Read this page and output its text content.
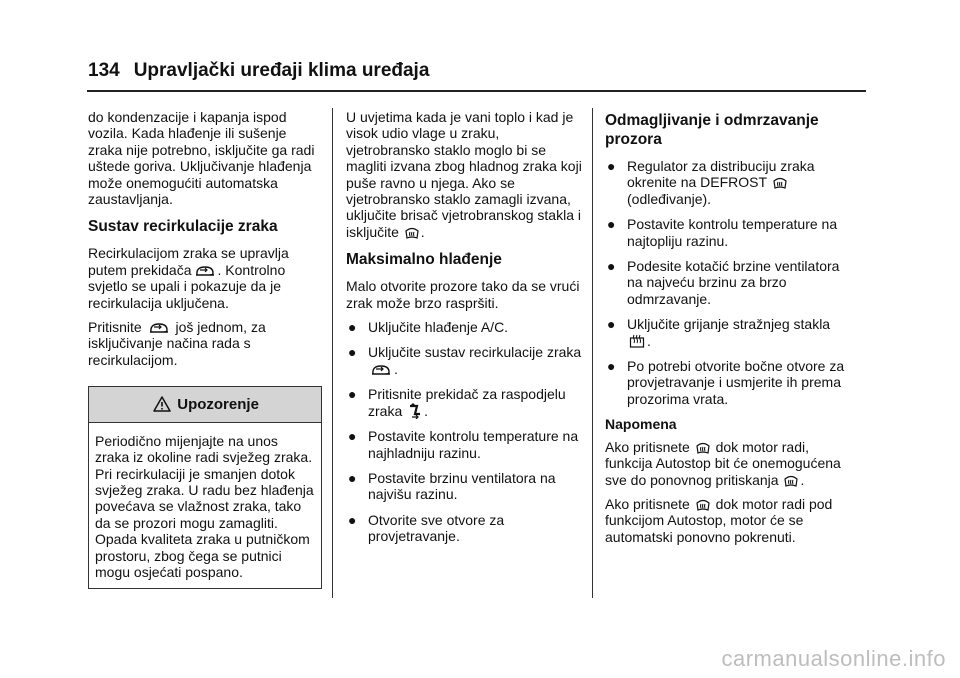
134 Upravljački uređaji klima uređaja

do kondenzacije i kapanja ispod vozila. Kada hlađenje ili sušenje zraka nije potrebno, isključite ga radi uštede goriva. Uključivanje hlađenja može onemogućiti automatska zaustavljanja.

Sustav recirkulacije zraka

Recirkulacijom zraka se upravlja putem prekidača . Kontrolno svjetlo se upali i pokazuje da je recirkulacija uključena.

Pritisnite  još jednom, za isključivanje načina rada s recirkulacijom.

Upozorenje
Periodično mijenjajte na unos zraka iz okoline radi svježeg zraka. Pri recirkulaciji je smanjen dotok svježeg zraka. U radu bez hlađenja povećava se vlažnost zraka, tako da se prozori mogu zamagliti. Opada kvaliteta zraka u putničkom prostoru, zbog čega se putnici mogu osjećati pospano.

U uvjetima kada je vani toplo i kad je visok udio vlage u zraku, vjetrobransko staklo moglo bi se magliti izvana zbog hladnog zraka koji puše ravno u njega. Ako se vjetrobransko staklo zamagli izvana, uključite brisač vjetrobranskog stakla i isključite .

Maksimalno hlađenje

Malo otvorite prozore tako da se vrući zrak može brzo raspršiti.

● Uključite hlađenje A/C.
● Uključite sustav recirkulacije zraka .
● Pritisnite prekidač za raspodjelu zraka .
● Postavite kontrolu temperature na najhladniju razinu.
● Postavite brzinu ventilatora na najvišu razinu.
● Otvorite sve otvore za provjetravanje.
Odmagljivanje i odmrzavanje prozora
● Regulator za distribuciju zraka okrenite na DEFROST  (odleđivanje).
● Postavite kontrolu temperature na najtopliju razinu.
● Podesite kotačić brzine ventilatora na najveću brzinu za brzo odmrzavanje.
● Uključite grijanje stražnjeg stakla .
● Po potrebi otvorite bočne otvore za provjetravanje i usmjerite ih prema prozorima vrata.
Napomena

Ako pritisnete  dok motor radi, funkcija Autostop bit će onemogućena sve do ponovnog pritiskanja .

Ako pritisnete  dok motor radi pod funkcijom Autostop, motor će se automatski ponovno pokrenuti.

carmanualsonline.info
